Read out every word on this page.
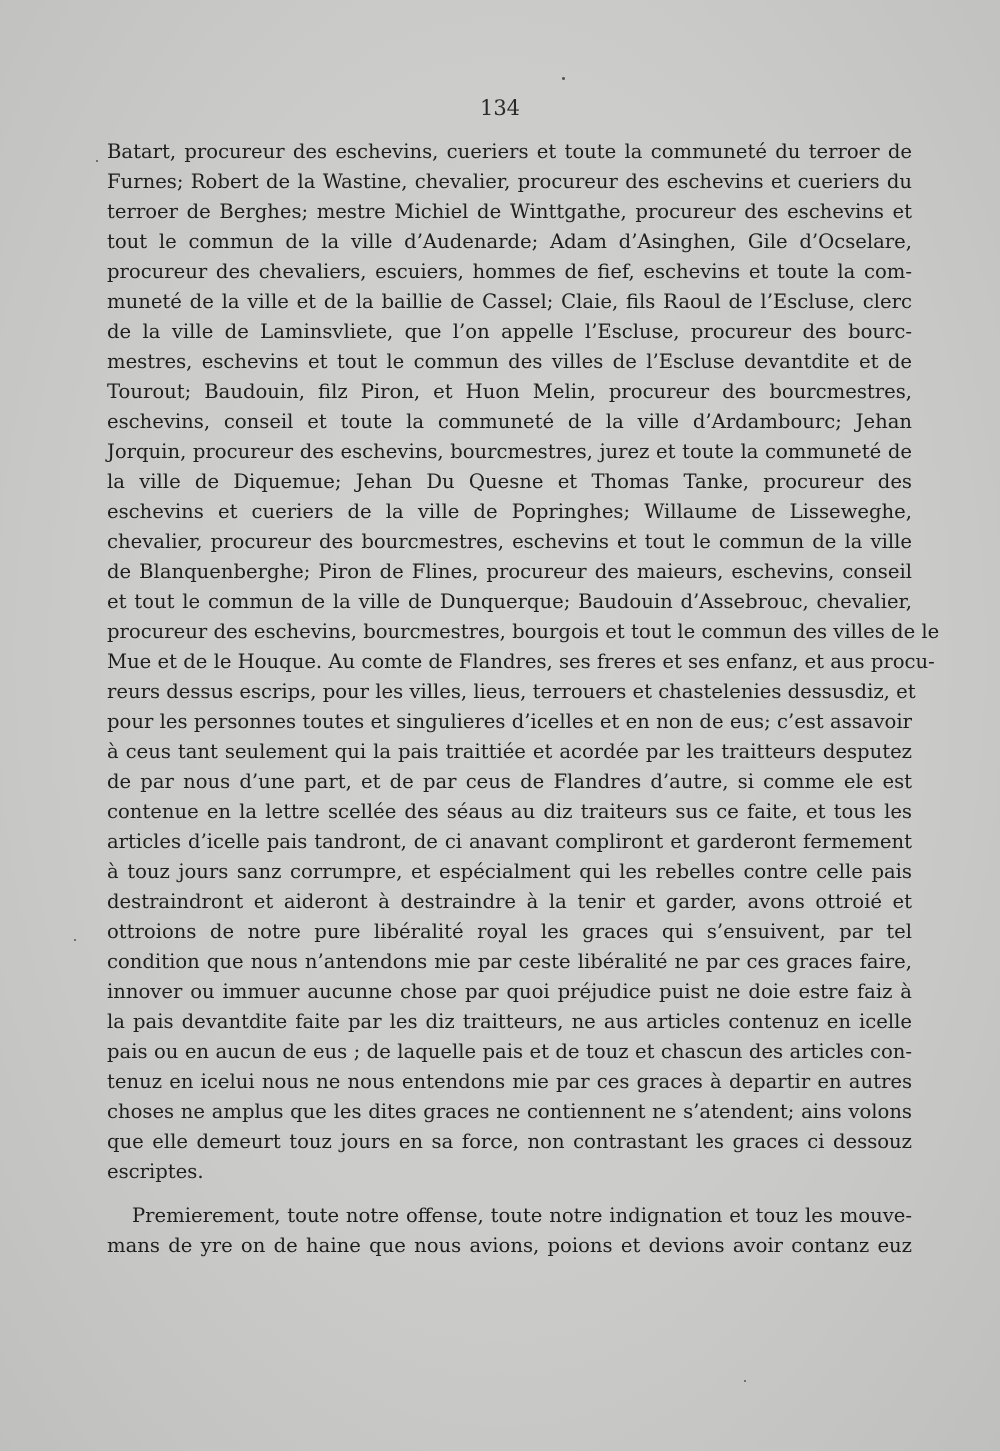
134
Batart, procureur des eschevins, cueriers et toute la communeté du terroer de
Furnes; Robert de la Wastine, chevalier, procureur des eschevins et cueriers du
terroer de Berghes; mestre Michiel de Winttgathe, procureur des eschevins et
tout le commun de la ville d’Audenarde; Adam d’Asinghen, Gile d’Ocselare,
procureur des chevaliers, escuiers, hommes de fief, eschevins et toute la com-
muneté de la ville et de la baillie de Cassel; Claie, fils Raoul de l’Escluse, clerc
de la ville de Laminsvliete, que l’on appelle l’Escluse, procureur des bourc-
mestres, eschevins et tout le commun des villes de l’Escluse devantdite et de
Tourout; Baudouin, filz Piron, et Huon Melin, procureur des bourcmestres,
eschevins, conseil et toute la communeté de la ville d’Ardambourc; Jehan
Jorquin, procureur des eschevins, bourcmestres, jurez et toute la communeté de
la ville de Diquemue; Jehan Du Quesne et Thomas Tanke, procureur des
eschevins et cueriers de la ville de Popringhes; Willaume de Lisseweghe,
chevalier, procureur des bourcmestres, eschevins et tout le commun de la ville
de Blanquenberghe; Piron de Flines, procureur des maieurs, eschevins, conseil
et tout le commun de la ville de Dunquerque; Baudouin d’Assebrouc, chevalier,
procureur des eschevins, bourcmestres, bourgois et tout le commun des villes de le
Mue et de le Houque. Au comte de Flandres, ses freres et ses enfanz, et aus procu-
reurs dessus escrips, pour les villes, lieus, terrouers et chastelenies dessusdiz, et
pour les personnes toutes et singulieres d’icelles et en non de eus; c’est assavoir
à ceus tant seulement qui la pais traittiée et acordée par les traitteurs desputez
de par nous d’une part, et de par ceus de Flandres d’autre, si comme ele est
contenue en la lettre scellée des séaus au diz traiteurs sus ce faite, et tous les
articles d’icelle pais tandront, de ci anavant compliront et garderont fermement
à touz jours sanz corrumpre, et espécialment qui les rebelles contre celle pais
destraindront et aideront à destraindre à la tenir et garder, avons ottroié et
ottroions de notre pure libéralité royal les graces qui s’ensuivent, par tel
condition que nous n’antendons mie par ceste libéralité ne par ces graces faire,
innover ou immuer aucunne chose par quoi préjudice puist ne doie estre faiz à
la pais devantdite faite par les diz traitteurs, ne aus articles contenuz en icelle
pais ou en aucun de eus ; de laquelle pais et de touz et chascun des articles con-
tenuz en icelui nous ne nous entendons mie par ces graces à departir en autres
choses ne amplus que les dites graces ne contiennent ne s’atendent; ains volons
que elle demeurt touz jours en sa force, non contrastant les graces ci dessouz
escriptes.
Premierement, toute notre offense, toute notre indignation et touz les mouve-
mans de yre on de haine que nous avions, poions et devions avoir contanz euz
